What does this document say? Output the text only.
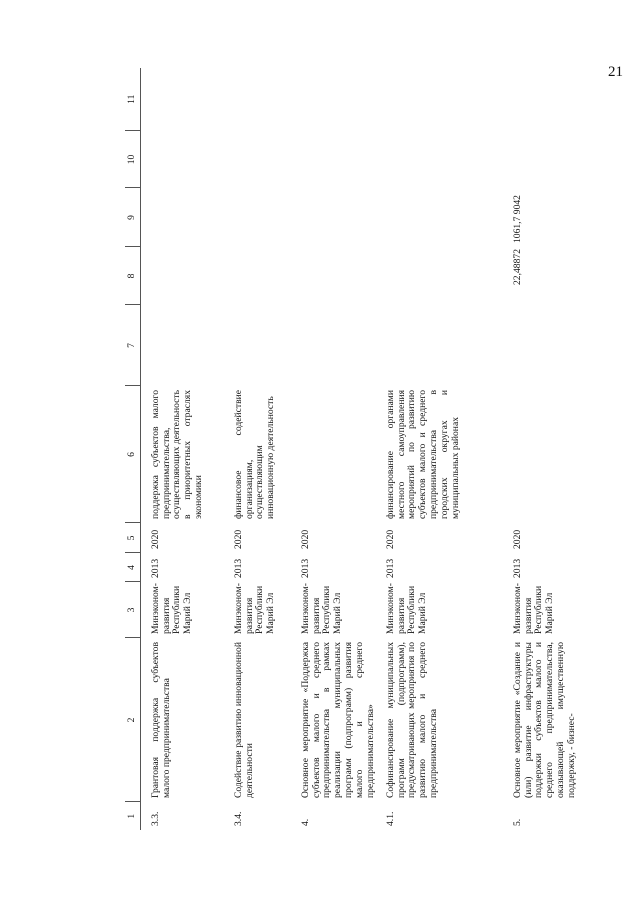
21
1	2	3	4	5	6	7	8	9	10	11
3.3.	Грантовая поддержка субъектов малого предпринимательства	Минэконом-развития Республики Марий Эл	2013	2020	поддержка субъектов малого предпринимательства, осуществляющих деятельность в приоритетных отраслях экономики					
3.4.	Содействие развитию инновационной деятельности	Минэконом-развития Республики Марий Эл	2013	2020	финансовое содействие организациям, осуществляющим инновационную деятельность					
4.	Основное мероприятие «Поддержка субъектов малого и среднего предпринимательства в рамках реализации муниципальных программ (подпрограмм) развития малого и среднего предпринимательства»	Минэконом-развития Республики Марий Эл	2013	2020						
4.1.	Софинансирование муниципальных программ (подпрограмм), предусматривающих мероприятия по развитию малого и среднего предпринимательства	Минэконом-развития Республики Марий Эл	2013	2020	финансирование органами местного самоуправления мероприятий по развитию субъектов малого и среднего предпринимательства в городских округах и муниципальных районах					
5.	Основное мероприятие «Создание и (или) развитие инфраструктуры поддержки субъектов малого и среднего предпринимательства, оказывающей имущественную поддержку, - бизнес-	Минэконом-развития Республики Марий Эл	2013	2020			22,48872	1061,7 9042		
